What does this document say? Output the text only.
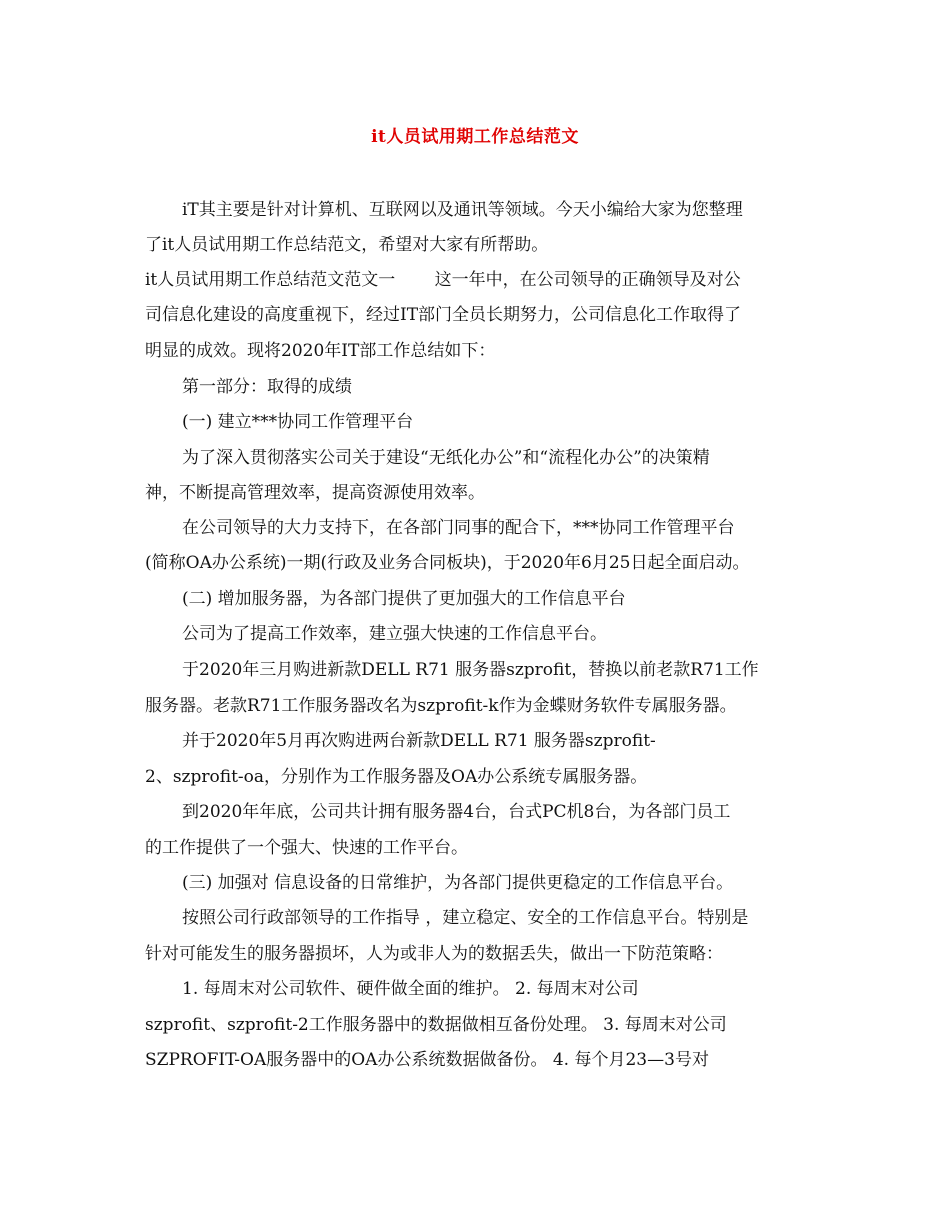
it人员试用期工作总结范文
iT其主要是针对计算机、互联网以及通讯等领域。今天小编给大家为您整理
了it人员试用期工作总结范文，希望对大家有所帮助。
it人员试用期工作总结范文范文一　　 这一年中，在公司领导的正确领导及对公
司信息化建设的高度重视下，经过IT部门全员长期努力，公司信息化工作取得了
明显的成效。现将2020年IT部工作总结如下：
第一部分：取得的成绩
(一) 建立***协同工作管理平台
为了深入贯彻落实公司关于建设“无纸化办公”和“流程化办公”的决策精
神，不断提高管理效率，提高资源使用效率。
在公司领导的大力支持下，在各部门同事的配合下，***协同工作管理平台
(简称OA办公系统)一期(行政及业务合同板块)，于2020年6月25日起全面启动。
(二) 增加服务器，为各部门提供了更加强大的工作信息平台
公司为了提高工作效率，建立强大快速的工作信息平台。
于2020年三月购进新款DELL R71 服务器szprofit，替换以前老款R71工作
服务器。老款R71工作服务器改名为szprofit-k作为金蝶财务软件专属服务器。
并于2020年5月再次购进两台新款DELL R71 服务器szprofit-
2、szprofit-oa，分别作为工作服务器及OA办公系统专属服务器。
到2020年年底，公司共计拥有服务器4台，台式PC机8台，为各部门员工
的工作提供了一个强大、快速的工作平台。
(三) 加强对 信息设备的日常维护，为各部门提供更稳定的工作信息平台。
按照公司行政部领导的工作指导 ，建立稳定、安全的工作信息平台。特别是
针对可能发生的服务器损坏，人为或非人为的数据丢失，做出一下防范策略：
1. 每周末对公司软件、硬件做全面的维护。 2. 每周末对公司
szprofit、szprofit-2工作服务器中的数据做相互备份处理。 3. 每周末对公司
SZPROFIT-OA服务器中的OA办公系统数据做备份。 4. 每个月23—3号对
